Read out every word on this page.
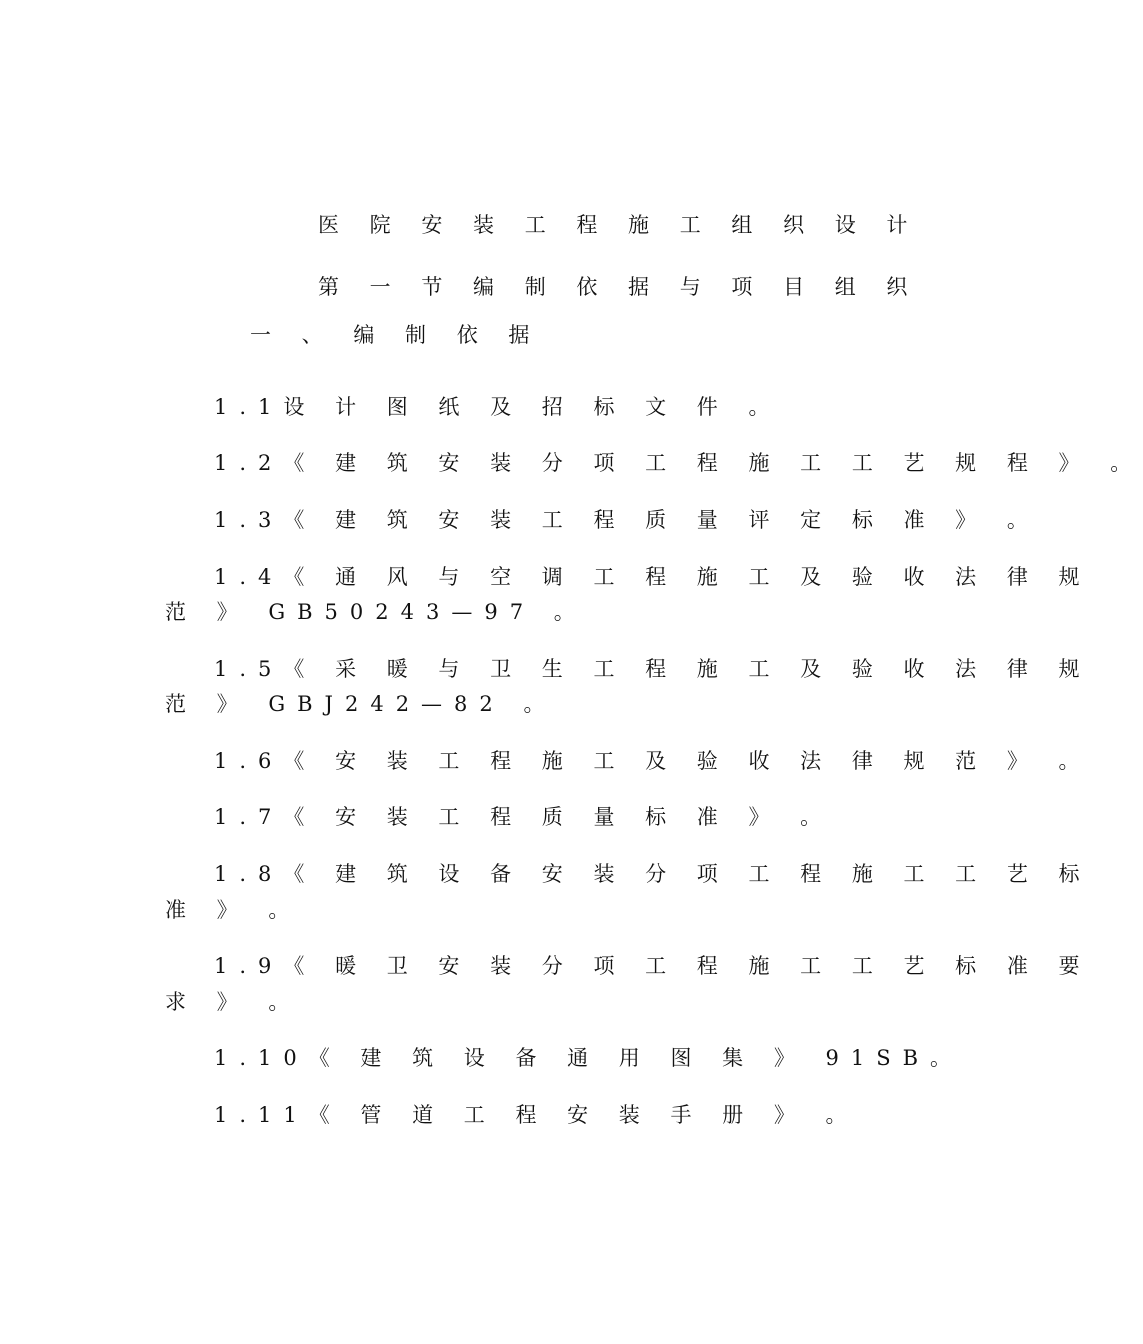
医 院 安 装 工 程 施 工 组 织 设 计
第 一 节 编 制 依 据 与 项 目 组 织
一 、 编 制 依 据
1.1设 计 图 纸 及 招 标 文 件 。
1.2《 建 筑 安 装 分 项 工 程 施 工 工 艺 规 程 》 。
1.3《 建 筑 安 装 工 程 质 量 评 定 标 准 》 。
1.4《 通 风 与 空 调 工 程 施 工 及 验 收 法 律 规
范 》 GB50243—97 。
1.5《 采 暖 与 卫 生 工 程 施 工 及 验 收 法 律 规
范 》 GBJ242—82 。
1.6《 安 装 工 程 施 工 及 验 收 法 律 规 范 》 。
1.7《 安 装 工 程 质 量 标 准 》 。
1.8《 建 筑 设 备 安 装 分 项 工 程 施 工 工 艺 标
准 》 。
1.9《 暖 卫 安 装 分 项 工 程 施 工 工 艺 标 准 要
求 》 。
1.10《 建 筑 设 备 通 用 图 集 》 91SB。
1.11《 管 道 工 程 安 装 手 册 》 。
